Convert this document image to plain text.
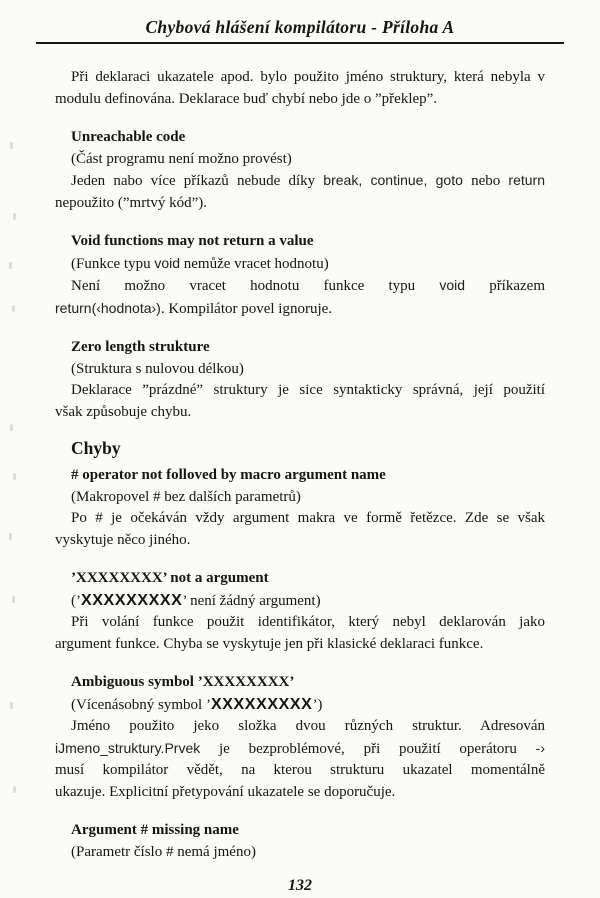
Chybová hlášení kompilátoru - Příloha A

Při deklaraci ukazatele apod. bylo použito jméno struktury, která nebyla v

modulu definována. Deklarace buď chybí nebo jde o ”překlep”.

Unreachable code

(Část programu není možno provést)

Jeden nabo více příkazů nebude díky break, continue, goto nebo return

nepoužito (”mrtvý kód”).

Void functions may not return a value

(Funkce typu void nemůže vracet hodnotu)

Není možno vracet hodnotu funkce typu void příkazem

return(‹hodnota›). Kompilátor povel ignoruje.

Zero length strukture

(Struktura s nulovou délkou)

Deklarace ”prázdné” struktury je sice syntakticky správná, její použití

však způsobuje chybu.

Chyby

# operator not folloved by macro argument name

(Makropovel # bez dalších parametrů)

Po # je očekáván vždy argument makra ve formě řetězce. Zde se však

vyskytuje něco jiného.

’XXXXXXXX’ not a argument

(’XXXXXXXXX’ není žádný argument)

Při volání funkce použit identifikátor, který nebyl deklarován jako

argument funkce. Chyba se vyskytuje jen při klasické deklaraci funkce.

Ambiguous symbol ’XXXXXXXX’

(Vícenásobný symbol ’XXXXXXXXX’)

Jméno použito jeko složka dvou různých struktur. Adresován

iJmeno_struktury.Prvek je bezproblémové, při použití operátoru -›

musí kompilátor vědět, na kterou strukturu ukazatel momentálně

ukazuje. Explicitní přetypování ukazatele se doporučuje.

Argument # missing name

(Parametr číslo # nemá jméno)

132
